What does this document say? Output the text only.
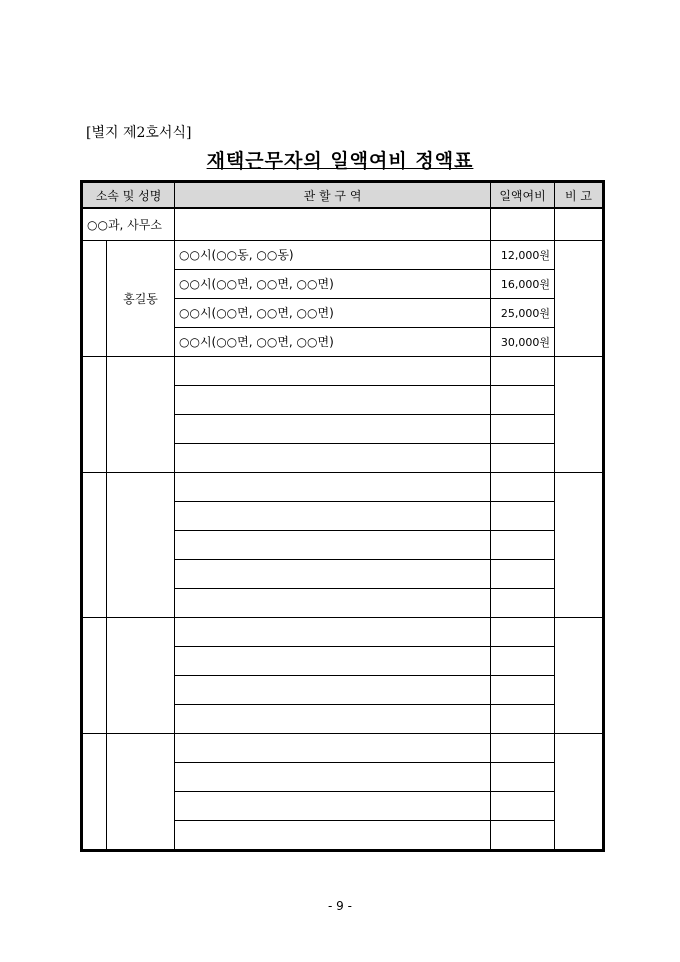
[별지 제2호서식]
재택근무자의 일액여비 정액표
소속 및 성명		관 할 구 역	일액여비	비 고
○○과, 사무소				
	홍길동	○○시(○○동, ○○동)	12,000원	
		○○시(○○면, ○○면, ○○면)	16,000원	
		○○시(○○면, ○○면, ○○면)	25,000원	
		○○시(○○면, ○○면, ○○면)	30,000원	

- 9 -
